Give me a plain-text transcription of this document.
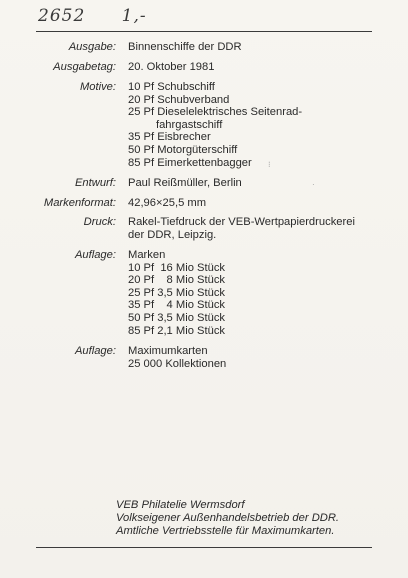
2652 1,-
Ausgabe: Binnenschiffe der DDR
Ausgabetag: 20. Oktober 1981
Motive: 10 Pf Schubschiff
20 Pf Schubverband
25 Pf Dieselelektrisches Seitenrad-
fahrgastschiff
35 Pf Eisbrecher
50 Pf Motorgüterschiff
85 Pf Eimerkettenbagger
Entwurf: Paul Reißmüller, Berlin
Markenformat: 42,96×25,5 mm
Druck: Rakel-Tiefdruck der VEB-Wertpapierdruckerei
der DDR, Leipzig.
Auflage: Marken
10 Pf  16 Mio Stück
20 Pf    8 Mio Stück
25 Pf 3,5 Mio Stück
35 Pf    4 Mio Stück
50 Pf 3,5 Mio Stück
85 Pf 2,1 Mio Stück
Auflage: Maximumkarten
25 000 Kollektionen
⁝
·
VEB Philatelie Wermsdorf
Volkseigener Außenhandelsbetrieb der DDR.
Amtliche Vertriebsstelle für Maximumkarten.
